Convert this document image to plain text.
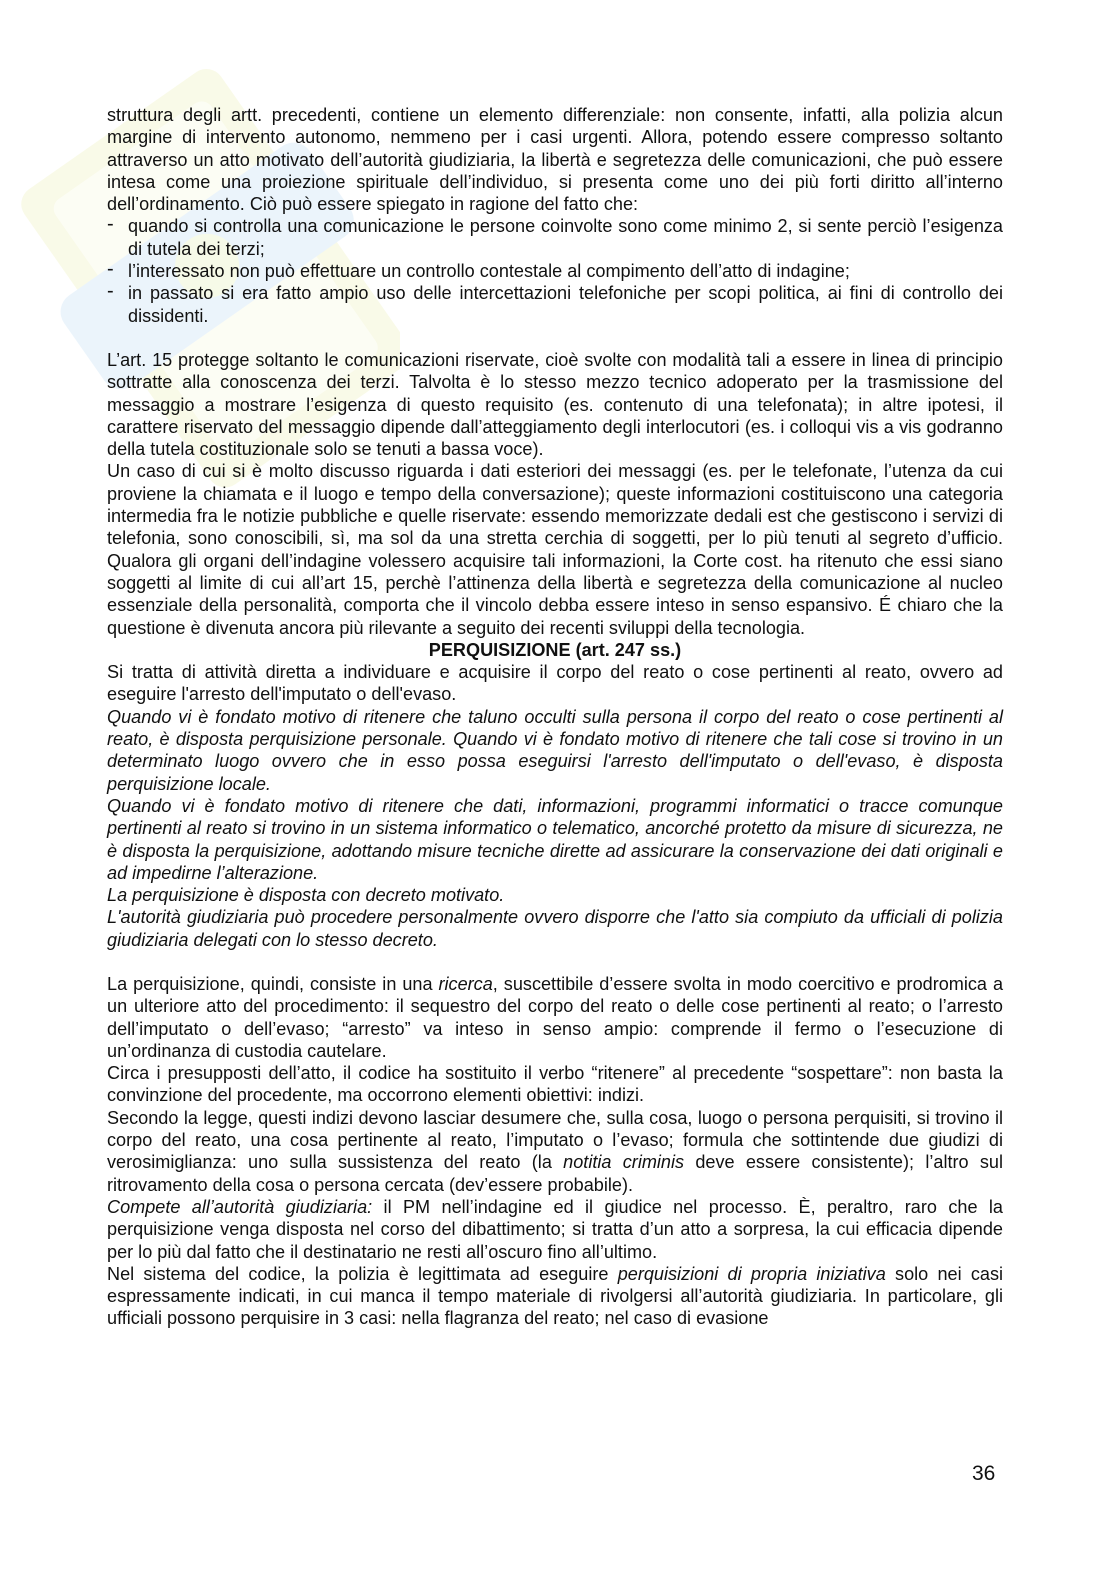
struttura degli artt. precedenti, contiene un elemento differenziale: non consente, infatti, alla polizia alcun margine di intervento autonomo, nemmeno per i casi urgenti. Allora, potendo essere compresso soltanto attraverso un atto motivato dell’autorità giudiziaria, la libertà e segretezza delle comunicazioni, che può essere intesa come una proiezione spirituale dell’individuo, si presenta come uno dei più forti diritto all’interno dell’ordinamento. Ciò può essere spiegato in ragione del fatto che:

- quando si controlla una comunicazione le persone coinvolte sono come minimo 2, si sente perciò l’esigenza di tutela dei terzi;
- l’interessato non può effettuare un controllo contestale al compimento dell’atto di indagine;
- in passato si era fatto ampio uso delle intercettazioni telefoniche per scopi politica, ai fini di controllo dei dissidenti.

L’art. 15 protegge soltanto le comunicazioni riservate, cioè svolte con modalità tali a essere in linea di principio sottratte alla conoscenza dei terzi. Talvolta è lo stesso mezzo tecnico adoperato per la trasmissione del messaggio a mostrare l’esigenza di questo requisito (es. contenuto di una telefonata); in altre ipotesi, il carattere riservato del messaggio dipende dall’atteggiamento degli interlocutori (es. i colloqui vis a vis godranno della tutela costituzionale solo se tenuti a bassa voce).

Un caso di cui si è molto discusso riguarda i dati esteriori dei messaggi (es. per le telefonate, l’utenza da cui proviene la chiamata e il luogo e tempo della conversazione); queste informazioni costituiscono una categoria intermedia fra le notizie pubbliche e quelle riservate: essendo memorizzate dedali est che gestiscono i servizi di telefonia, sono conoscibili, sì, ma sol da una stretta cerchia di soggetti, per lo più tenuti al segreto d’ufficio. Qualora gli organi dell’indagine volessero acquisire tali informazioni, la Corte cost. ha ritenuto che essi siano soggetti al limite di cui all’art 15, perchè l’attinenza della libertà e segretezza della comunicazione al nucleo essenziale della personalità, comporta che il vincolo debba essere inteso in senso espansivo. É chiaro che la questione è divenuta ancora più rilevante a seguito dei recenti sviluppi della tecnologia.

PERQUISIZIONE (art. 247 ss.)

Si tratta di attività diretta a individuare e acquisire il corpo del reato o cose pertinenti al reato, ovvero ad eseguire l'arresto dell'imputato o dell'evaso.

Quando vi è fondato motivo di ritenere che taluno occulti sulla persona il corpo del reato o cose pertinenti al reato, è disposta perquisizione personale. Quando vi è fondato motivo di ritenere che tali cose si trovino in un determinato luogo ovvero che in esso possa eseguirsi l'arresto dell'imputato o dell'evaso, è disposta perquisizione locale.

Quando vi è fondato motivo di ritenere che dati, informazioni, programmi informatici o tracce comunque pertinenti al reato si trovino in un sistema informatico o telematico, ancorché protetto da misure di sicurezza, ne è disposta la perquisizione, adottando misure tecniche dirette ad assicurare la conservazione dei dati originali e ad impedirne l’alterazione.

La perquisizione è disposta con decreto motivato.

L'autorità giudiziaria può procedere personalmente ovvero disporre che l'atto sia compiuto da ufficiali di polizia giudiziaria delegati con lo stesso decreto.

La perquisizione, quindi, consiste in una ricerca, suscettibile d’essere svolta in modo coercitivo e prodromica a un ulteriore atto del procedimento: il sequestro del corpo del reato o delle cose pertinenti al reato; o l’arresto dell’imputato o dell’evaso; “arresto” va inteso in senso ampio: comprende il fermo o l’esecuzione di un’ordinanza di custodia cautelare.

Circa i presupposti dell’atto, il codice ha sostituito il verbo “ritenere” al precedente “sospettare”: non basta la convinzione del procedente, ma occorrono elementi obiettivi: indizi.

Secondo la legge, questi indizi devono lasciar desumere che, sulla cosa, luogo o persona perquisiti, si trovino il corpo del reato, una cosa pertinente al reato, l’imputato o l’evaso; formula che sottintende due giudizi di verosimiglianza: uno sulla sussistenza del reato (la notitia criminis deve essere consistente); l’altro sul ritrovamento della cosa o persona cercata (dev’essere probabile).

Compete all’autorità giudiziaria: il PM nell’indagine ed il giudice nel processo. È, peraltro, raro che la perquisizione venga disposta nel corso del dibattimento; si tratta d’un atto a sorpresa, la cui efficacia dipende per lo più dal fatto che il destinatario ne resti all’oscuro fino all’ultimo.

Nel sistema del codice, la polizia è legittimata ad eseguire perquisizioni di propria iniziativa solo nei casi espressamente indicati, in cui manca il tempo materiale di rivolgersi all’autorità giudiziaria. In particolare, gli ufficiali possono perquisire in 3 casi: nella flagranza del reato; nel caso di evasione

36
